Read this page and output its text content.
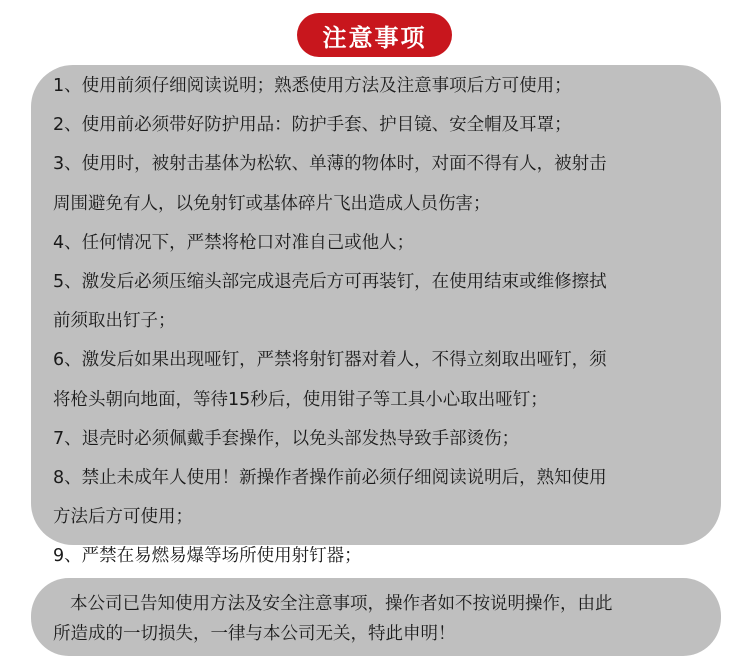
注意事项
1、使用前须仔细阅读说明；熟悉使用方法及注意事项后方可使用；
2、使用前必须带好防护用品：防护手套、护目镜、安全帽及耳罩；
3、使用时，被射击基体为松软、单薄的物体时，对面不得有人，被射击
周围避免有人，以免射钉或基体碎片飞出造成人员伤害；
4、任何情况下，严禁将枪口对准自己或他人；
5、激发后必须压缩头部完成退壳后方可再装钉，在使用结束或维修擦拭
前须取出钉子；
6、激发后如果出现哑钉，严禁将射钉器对着人，不得立刻取出哑钉，须
将枪头朝向地面，等待15秒后，使用钳子等工具小心取出哑钉；
7、退壳时必须佩戴手套操作，以免头部发热导致手部烫伤；
8、禁止未成年人使用！新操作者操作前必须仔细阅读说明后，熟知使用
方法后方可使用；
9、严禁在易燃易爆等场所使用射钉器；
本公司已告知使用方法及安全注意事项，操作者如不按说明操作，由此
所造成的一切损失，一律与本公司无关，特此申明！
